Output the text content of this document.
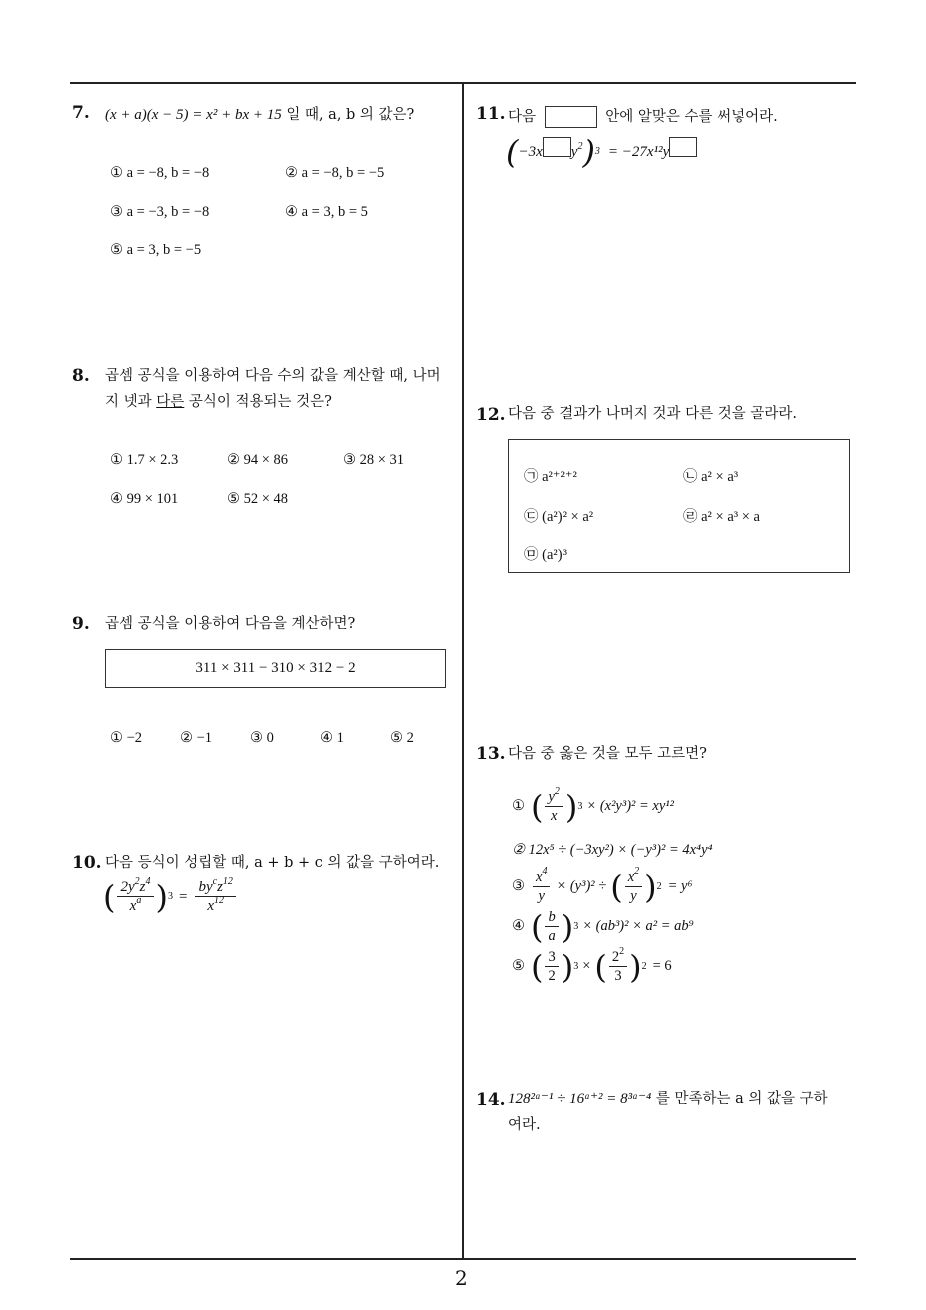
7. (x + a)(x − 5) = x² + bx + 15 일 때, a, b 의 값은?
① a = −8, b = −8	② a = −8, b = −5
③ a = −3, b = −8	④ a = 3, b = 5
⑤ a = 3, b = −5
8. 곱셈 공식을 이용하여 다음 수의 값을 계산할 때, 나머
지 넷과 다른 공식이 적용되는 것은?
① 1.7 × 2.3	② 94 × 86	③ 28 × 31
④ 99 × 101	⑤ 52 × 48
9. 곱셈 공식을 이용하여 다음을 계산하면?
311 × 311 − 310 × 312 − 2
① −2	② −1	③ 0	④ 1	⑤ 2
10. 다음 등식이 성립할 때, a + b + c 의 값을 구하여라.
( $\frac{2y^2z^4}{x^a}$ ) $3 = \frac{by^cz^{12}}{x^{12}}$
11. 다음	안에 알맞은 수를 써넣어라.
( −3x $y^2$ ) 3 = −27x¹²y
12. 다음 중 결과가 나머지 것과 다른 것을 골라라.
㉠ a²⁺²⁺²	㉡ a² × a³
㉢ (a²)² × a²	㉣ a² × a³ × a
㉤ (a²)³
13. 다음 중 옳은 것을 모두 고르면?
① ( $\frac{y^2}{x}$ ) 3 × (x²y³)² = xy¹²
② 12x⁵ ÷ (−3xy²) × (−y³)² = 4x⁴y⁴
③ $\frac{x^4}{y} \times (y^3)^2$ ÷ ( $\frac{x^2}{y}$ ) 2 = y⁶
④ ( $\frac{b}{a}$ ) 3 × (ab³)² × a² = ab⁹
⑤ ( $\frac{3}{2}$ ) 3 × ( $\frac{2^2}{3}$ ) 2 = 6
14. 128²ᵃ⁻¹ ÷ 16ᵃ⁺² = 8³ᵃ⁻⁴ 를 만족하는 a 의 값을 구하
여라.
2
